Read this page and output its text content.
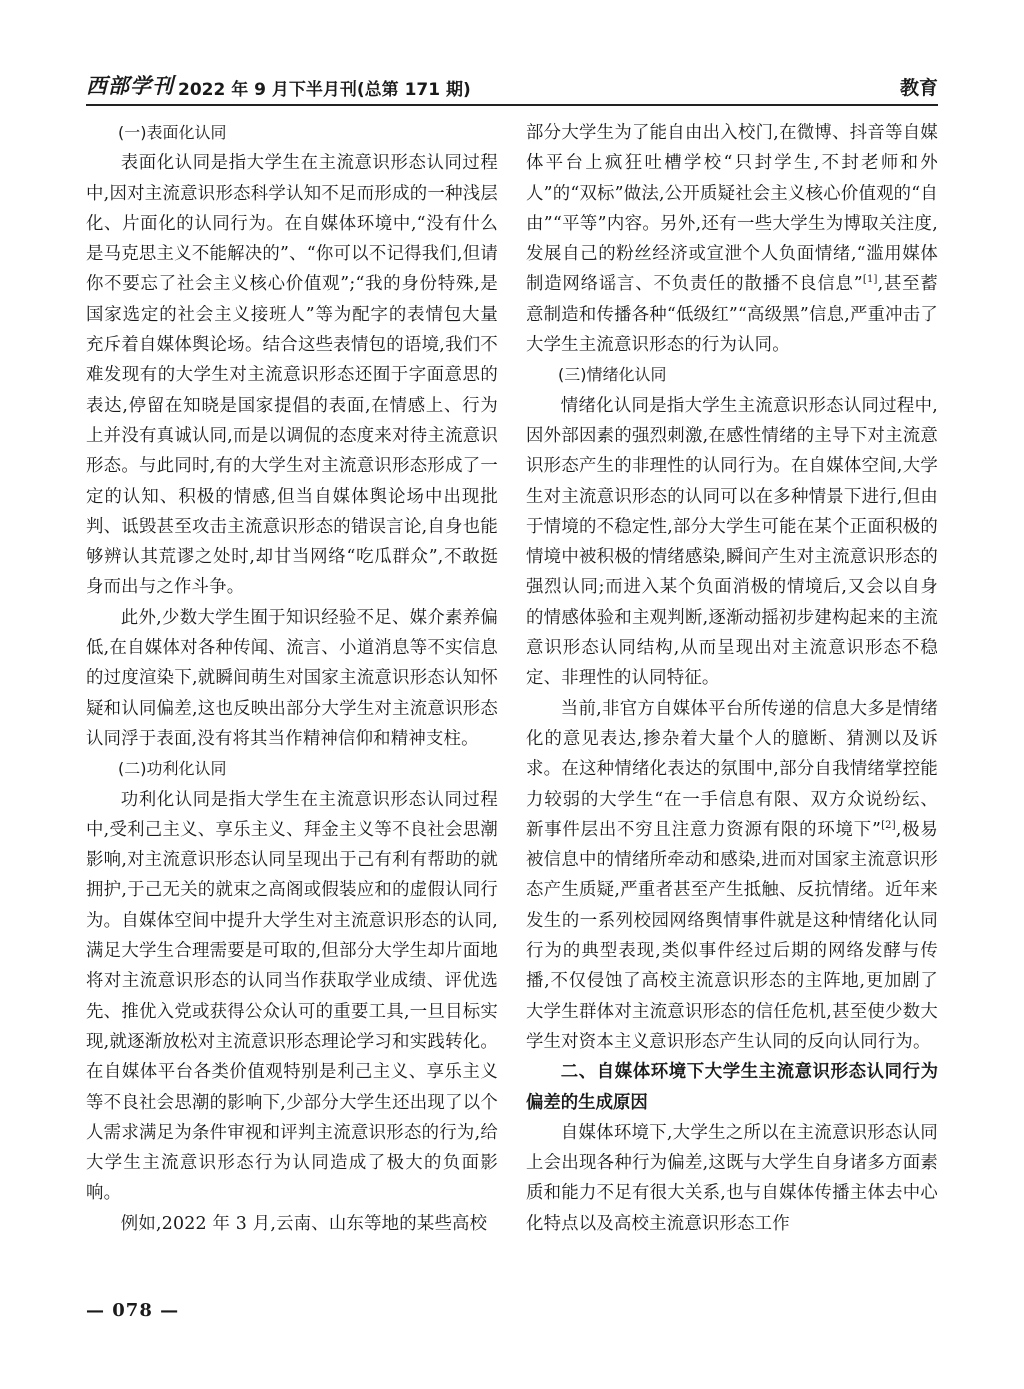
西部学刊 2022 年 9 月下半月刊(总第 171 期)	教育

(一)表面化认同

表面化认同是指大学生在主流意识形态认同过程中,因对主流意识形态科学认知不足而形成的一种浅层化、片面化的认同行为。在自媒体环境中,“没有什么是马克思主义不能解决的”、“你可以不记得我们,但请你不要忘了社会主义核心价值观”;“我的身份特殊,是国家选定的社会主义接班人”等为配字的表情包大量充斥着自媒体舆论场。结合这些表情包的语境,我们不难发现有的大学生对主流意识形态还囿于字面意思的表达,停留在知晓是国家提倡的表面,在情感上、行为上并没有真诚认同,而是以调侃的态度来对待主流意识形态。与此同时,有的大学生对主流意识形态形成了一定的认知、积极的情感,但当自媒体舆论场中出现批判、诋毁甚至攻击主流意识形态的错误言论,自身也能够辨认其荒谬之处时,却甘当网络“吃瓜群众”,不敢挺身而出与之作斗争。

此外,少数大学生囿于知识经验不足、媒介素养偏低,在自媒体对各种传闻、流言、小道消息等不实信息的过度渲染下,就瞬间萌生对国家主流意识形态认知怀疑和认同偏差,这也反映出部分大学生对主流意识形态认同浮于表面,没有将其当作精神信仰和精神支柱。

(二)功利化认同

功利化认同是指大学生在主流意识形态认同过程中,受利己主义、享乐主义、拜金主义等不良社会思潮影响,对主流意识形态认同呈现出于己有利有帮助的就拥护,于己无关的就束之高阁或假装应和的虚假认同行为。自媒体空间中提升大学生对主流意识形态的认同,满足大学生合理需要是可取的,但部分大学生却片面地将对主流意识形态的认同当作获取学业成绩、评优选先、推优入党或获得公众认可的重要工具,一旦目标实现,就逐渐放松对主流意识形态理论学习和实践转化。在自媒体平台各类价值观特别是利己主义、享乐主义等不良社会思潮的影响下,少部分大学生还出现了以个人需求满足为条件审视和评判主流意识形态的行为,给大学生主流意识形态行为认同造成了极大的负面影响。

例如,2022 年 3 月,云南、山东等地的某些高校

部分大学生为了能自由出入校门,在微博、抖音等自媒体平台上疯狂吐槽学校“只封学生,不封老师和外人”的“双标”做法,公开质疑社会主义核心价值观的“自由”“平等”内容。另外,还有一些大学生为博取关注度,发展自己的粉丝经济或宣泄个人负面情绪,“滥用媒体制造网络谣言、不负责任的散播不良信息”[1],甚至蓄意制造和传播各种“低级红”“高级黑”信息,严重冲击了大学生主流意识形态的行为认同。

(三)情绪化认同

情绪化认同是指大学生主流意识形态认同过程中,因外部因素的强烈刺激,在感性情绪的主导下对主流意识形态产生的非理性的认同行为。在自媒体空间,大学生对主流意识形态的认同可以在多种情景下进行,但由于情境的不稳定性,部分大学生可能在某个正面积极的情境中被积极的情绪感染,瞬间产生对主流意识形态的强烈认同;而进入某个负面消极的情境后,又会以自身的情感体验和主观判断,逐渐动摇初步建构起来的主流意识形态认同结构,从而呈现出对主流意识形态不稳定、非理性的认同特征。

当前,非官方自媒体平台所传递的信息大多是情绪化的意见表达,掺杂着大量个人的臆断、猜测以及诉求。在这种情绪化表达的氛围中,部分自我情绪掌控能力较弱的大学生“在一手信息有限、双方众说纷纭、新事件层出不穷且注意力资源有限的环境下”[2],极易被信息中的情绪所牵动和感染,进而对国家主流意识形态产生质疑,严重者甚至产生抵触、反抗情绪。近年来发生的一系列校园网络舆情事件就是这种情绪化认同行为的典型表现,类似事件经过后期的网络发酵与传播,不仅侵蚀了高校主流意识形态的主阵地,更加剧了大学生群体对主流意识形态的信任危机,甚至使少数大学生对资本主义意识形态产生认同的反向认同行为。

二、自媒体环境下大学生主流意识形态认同行为偏差的生成原因

自媒体环境下,大学生之所以在主流意识形态认同上会出现各种行为偏差,这既与大学生自身诸多方面素质和能力不足有很大关系,也与自媒体传播主体去中心化特点以及高校主流意识形态工作

— 078 —
